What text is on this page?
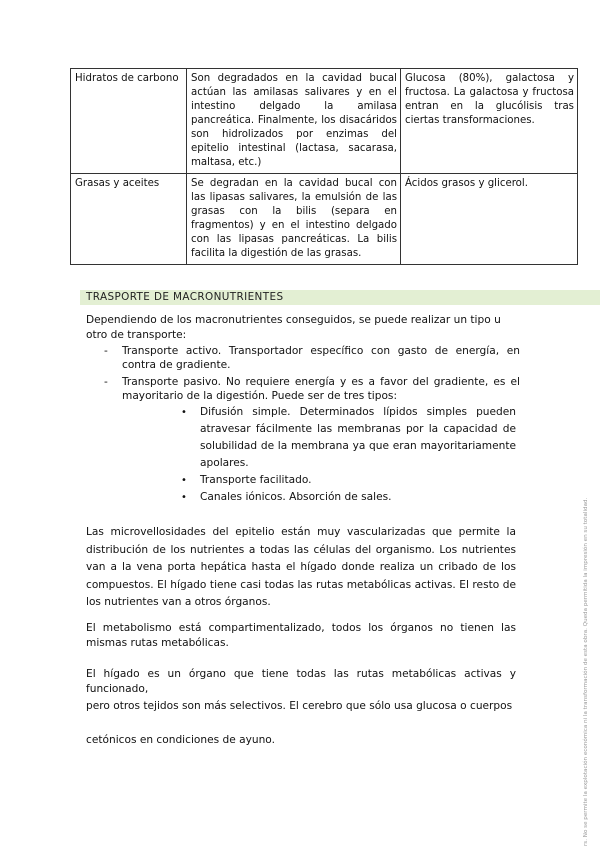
Hidratos de carbono	Son degradados en la cavidad bucal actúan las amilasas salivares y en el intestino delgado la amilasa pancreática. Finalmente, los disacáridos son hidrolizados por enzimas del epitelio intestinal (lactasa, sacarasa, maltasa, etc.)	Glucosa (80%), galactosa y fructosa. La galactosa y fructosa entran en la glucólisis tras ciertas transformaciones.
Grasas y aceites	Se degradan en la cavidad bucal con las lipasas salivares, la emulsión de las grasas con la bilis (separa en fragmentos) y en el intestino delgado con las lipasas pancreáticas. La bilis facilita la digestión de las grasas.	Ácidos grasos y glicerol.
TRASPORTE DE MACRONUTRIENTES
Dependiendo de los macronutrientes conseguidos, se puede realizar un tipo u otro de transporte:
- Transporte activo. Transportador específico con gasto de energía, en contra de gradiente.

- Transporte pasivo. No requiere energía y es a favor del gradiente, es el mayoritario de la digestión. Puede ser de tres tipos:

• Difusión simple. Determinados lípidos simples pueden atravesar fácilmente las membranas por la capacidad de solubilidad de la membrana ya que eran mayoritariamente apolares.

• Transporte facilitado.

• Canales iónicos. Absorción de sales.

Las microvellosidades del epitelio están muy vascularizadas que permite la distribución de los nutrientes a todas las células del organismo. Los nutrientes van a la vena porta hepática hasta el hígado donde realiza un cribado de los compuestos. El hígado tiene casi todas las rutas metabólicas activas. El resto de los nutrientes van a otros órganos.

El metabolismo está compartimentalizado, todos los órganos no tienen las mismas rutas metabólicas.

El hígado es un órgano que tiene todas las rutas metabólicas activas y funcionado,

pero otros tejidos son más selectivos. El cerebro que sólo usa glucosa o cuerpos

cetónicos en condiciones de ayuno.	rs. No se permite la explotación económica ni la transformación de esta obra. Queda permitida la impresión en su totalidad.
